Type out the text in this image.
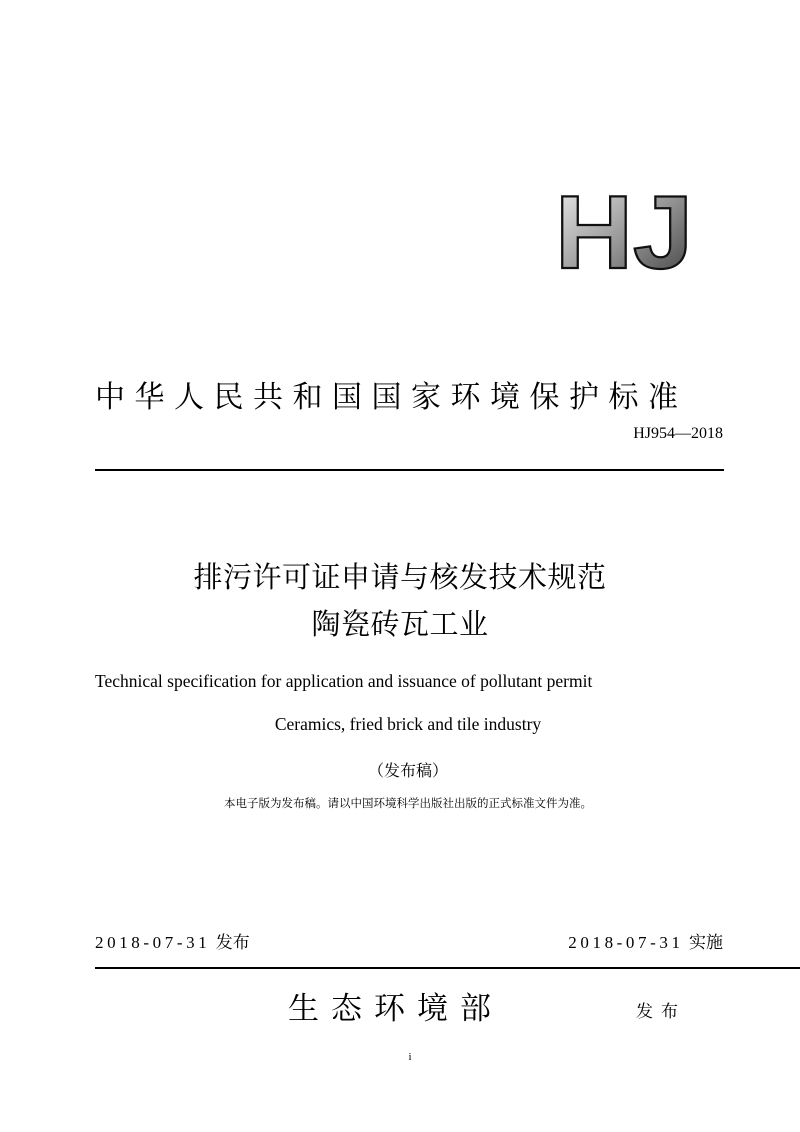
HJ
中华人民共和国国家环境保护标准
HJ954—2018
排污许可证申请与核发技术规范
陶瓷砖瓦工业
Technical specification for application and issuance of pollutant permit
Ceramics, fried brick and tile industry
（发布稿）
本电子版为发布稿。请以中国环境科学出版社出版的正式标准文件为准。
2018-07-31 发布	2018-07-31 实施
生态环境部	发布
i
